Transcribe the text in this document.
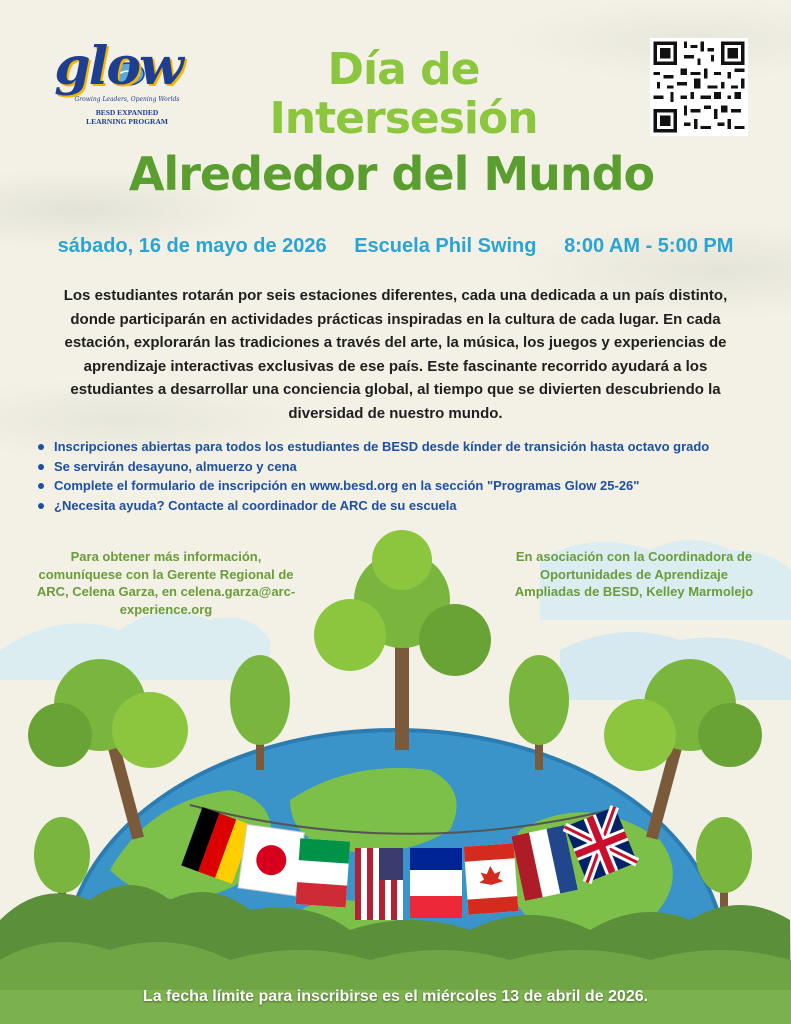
glow
Growing Leaders, Opening Worlds
BESD EXPANDED
LEARNING PROGRAM
Día de
Intersesión
Alrededor del Mundo
sábado, 16 de mayo de 2026 Escuela Phil Swing 8:00 AM - 5:00 PM
Los estudiantes rotarán por seis estaciones diferentes, cada una dedicada a un país distinto, donde participarán en actividades prácticas inspiradas en la cultura de cada lugar. En cada estación, explorarán las tradiciones a través del arte, la música, los juegos y experiencias de aprendizaje interactivas exclusivas de ese país. Este fascinante recorrido ayudará a los estudiantes a desarrollar una conciencia global, al tiempo que se divierten descubriendo la diversidad de nuestro mundo.
Inscripciones abiertas para todos los estudiantes de BESD desde kínder de transición hasta octavo grado
Se servirán desayuno, almuerzo y cena
Complete el formulario de inscripción en www.besd.org en la sección "Programas Glow 25-26"
¿Necesita ayuda? Contacte al coordinador de ARC de su escuela
Para obtener más información, comuníquese con la Gerente Regional de ARC, Celena Garza, en celena.garza@arc-experience.org
En asociación con la Coordinadora de Oportunidades de Aprendizaje Ampliadas de BESD, Kelley Marmolejo
La fecha límite para inscribirse es el miércoles 13 de abril de 2026.
